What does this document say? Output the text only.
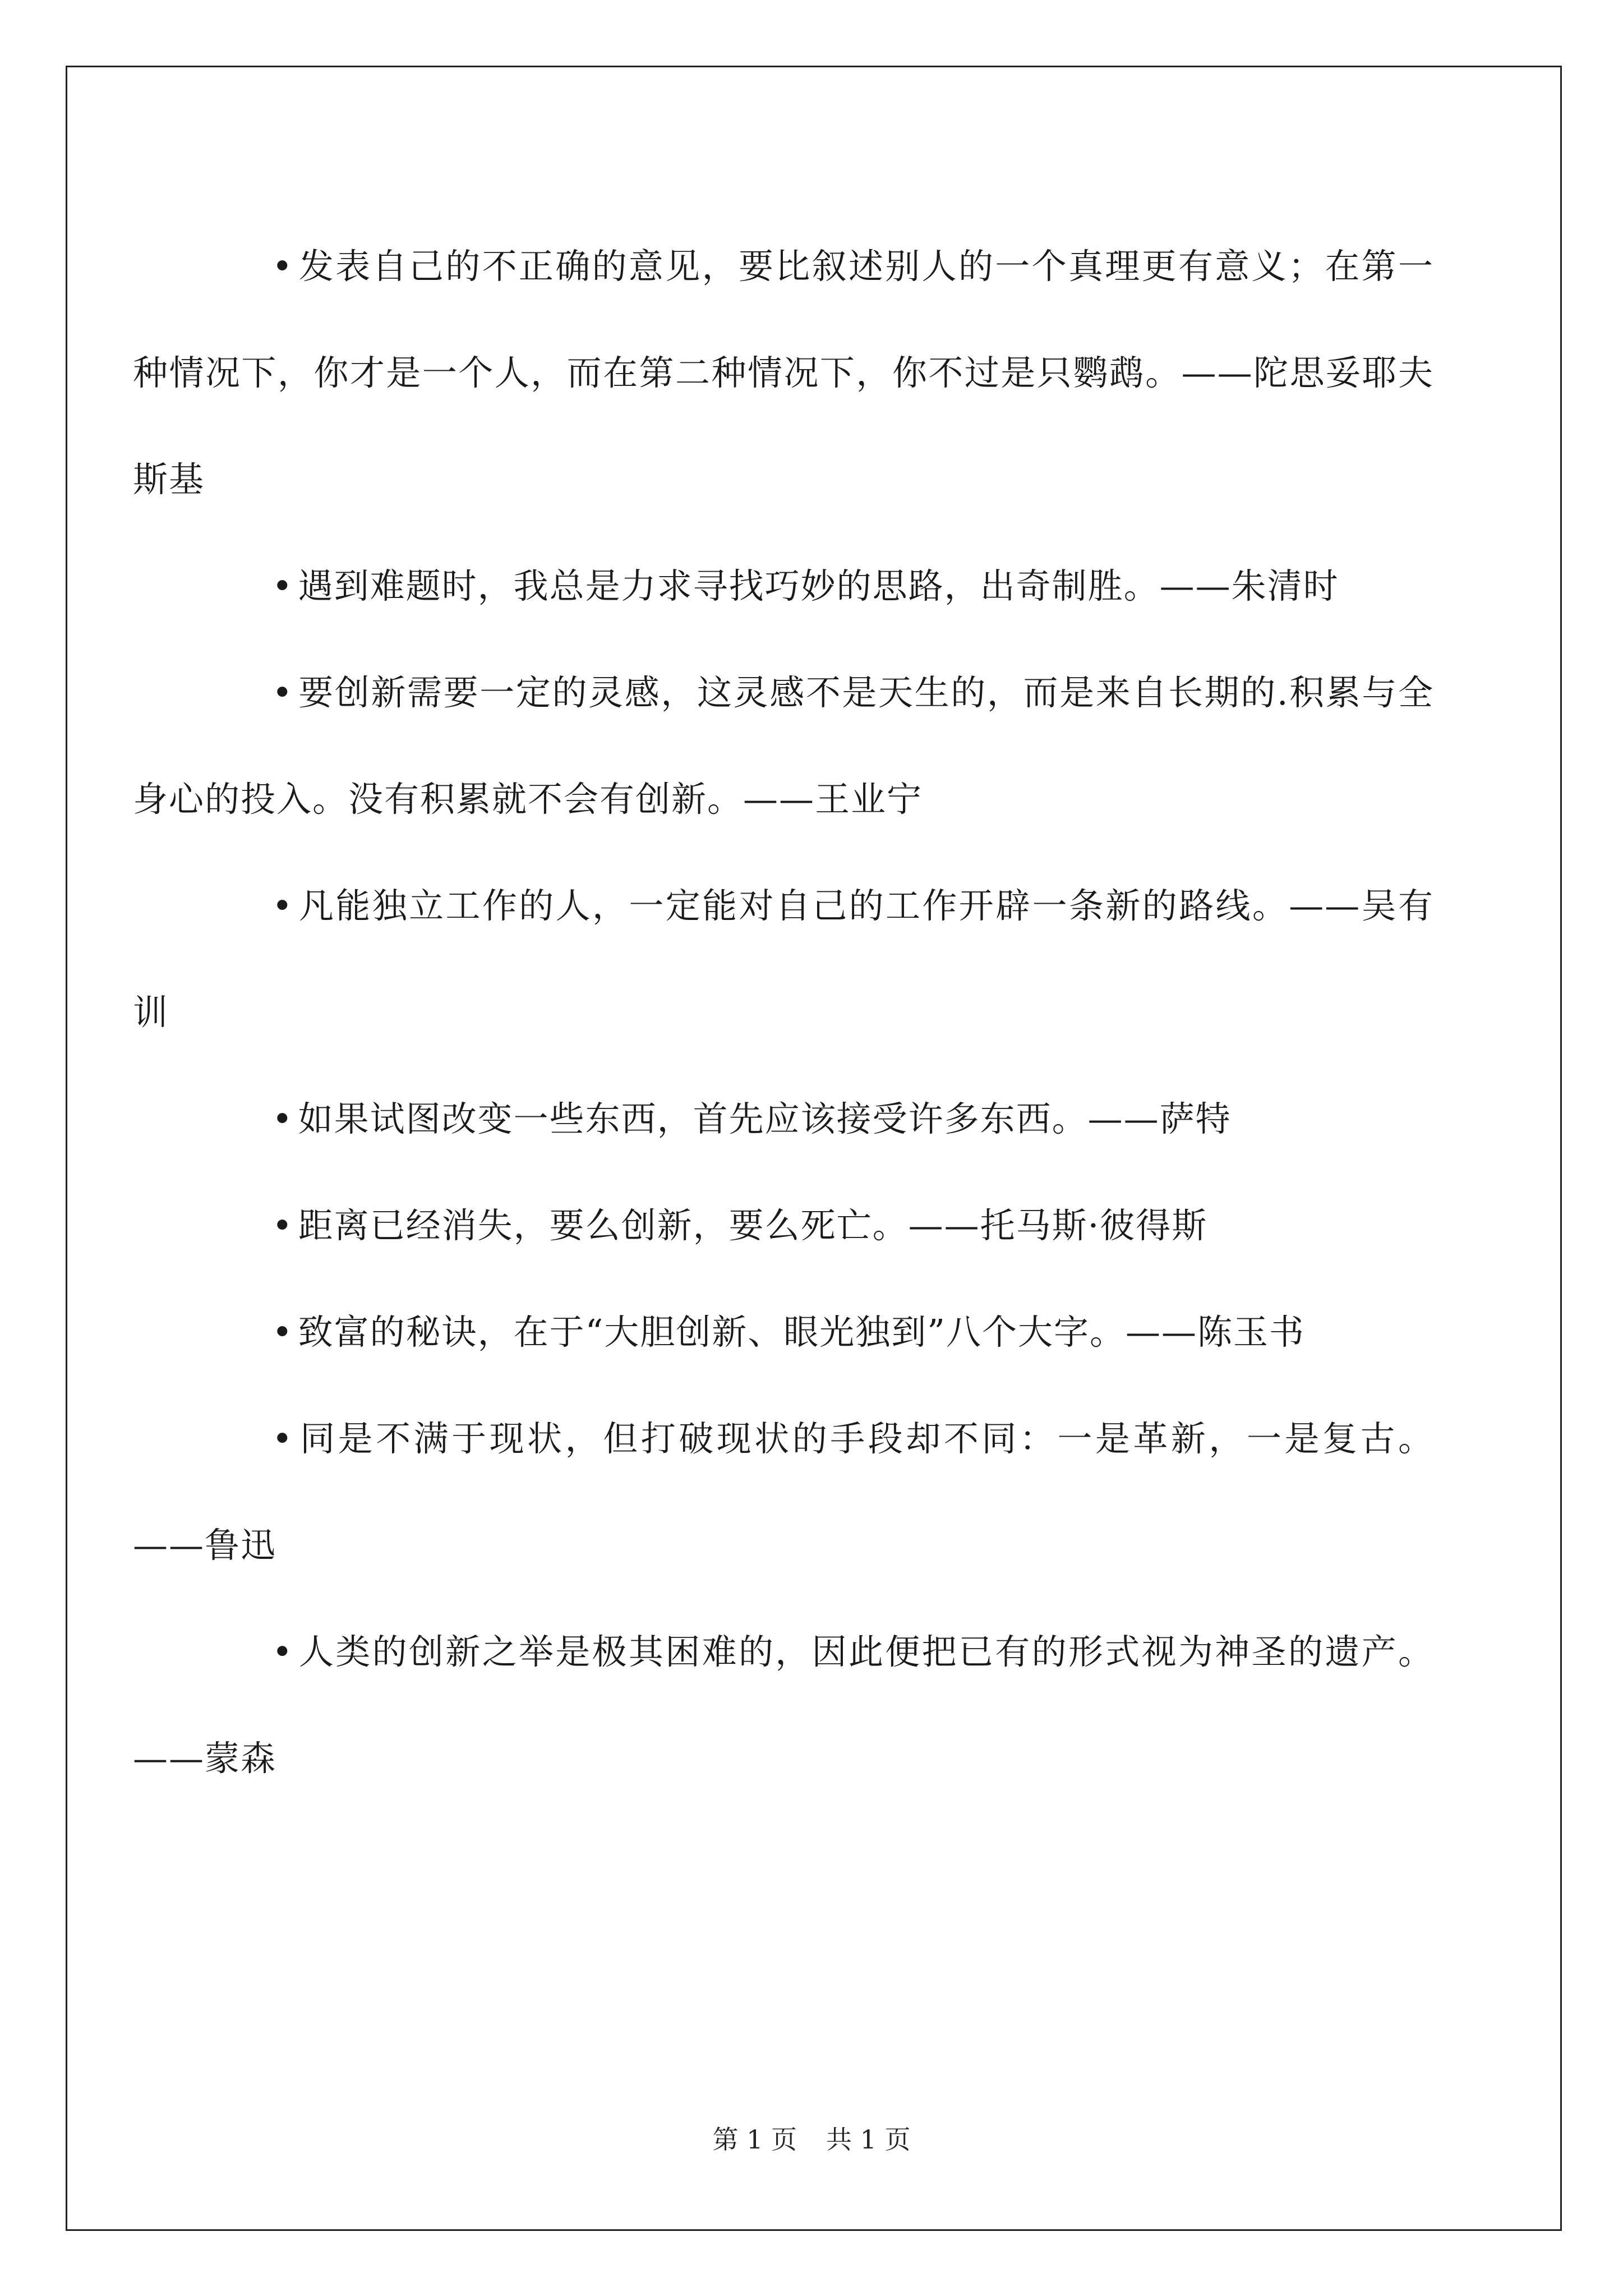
• 发表自己的不正确的意见，要比叙述别人的一个真理更有意义；在第一种情况下，你才是一个人，而在第二种情况下，你不过是只鹦鹉。——陀思妥耶夫斯基

• 遇到难题时，我总是力求寻找巧妙的思路，出奇制胜。——朱清时

• 要创新需要一定的灵感，这灵感不是天生的，而是来自长期的.积累与全身心的投入。没有积累就不会有创新。——王业宁

• 凡能独立工作的人，一定能对自己的工作开辟一条新的路线。——吴有训

• 如果试图改变一些东西，首先应该接受许多东西。——萨特

• 距离已经消失，要么创新，要么死亡。——托马斯·彼得斯

• 致富的秘诀，在于“大胆创新、眼光独到”八个大字。——陈玉书

• 同是不满于现状，但打破现状的手段却不同：一是革新，一是复古。——鲁迅

• 人类的创新之举是极其困难的，因此便把已有的形式视为神圣的遗产。——蒙森

第 1 页 共 1 页
